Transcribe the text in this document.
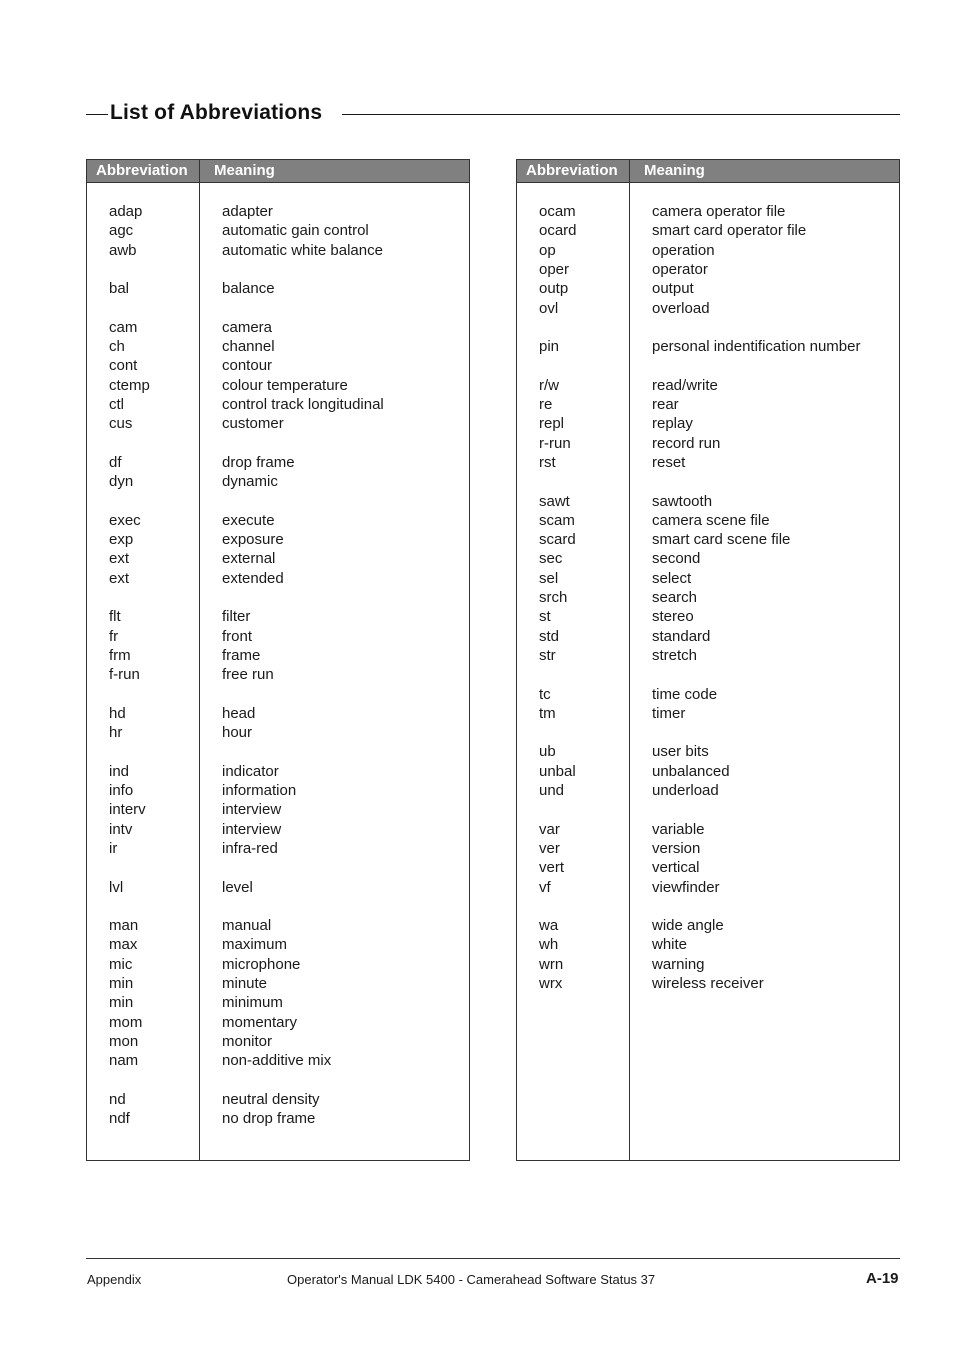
List of Abbreviations
Abbreviation Meaning
adap	adapter
agc	automatic gain control
awb	automatic white balance
bal	balance
cam	camera
ch	channel
cont	contour
ctemp	colour temperature
ctl	control track longitudinal
cus	customer
df	drop frame
dyn	dynamic
exec	execute
exp	exposure
ext	external
ext	extended
flt	filter
fr	front
frm	frame
f-run	free run
hd	head
hr	hour
ind	indicator
info	information
interv	interview
intv	interview
ir	infra-red
lvl	level
man	manual
max	maximum
mic	microphone
min	minute
min	minimum
mom	momentary
mon	monitor
nam	non-additive mix
nd	neutral density
ndf	no drop frame
Abbreviation Meaning
ocam	camera operator file
ocard	smart card operator file
op	operation
oper	operator
outp	output
ovl	overload
pin	personal indentification number
r/w	read/write
re	rear
repl	replay
r-run	record run
rst	reset
sawt	sawtooth
scam	camera scene file
scard	smart card scene file
sec	second
sel	select
srch	search
st	stereo
std	standard
str	stretch
tc	time code
tm	timer
ub	user bits
unbal	unbalanced
und	underload
var	variable
ver	version
vert	vertical
vf	viewfinder
wa	wide angle
wh	white
wrn	warning
wrx	wireless receiver
Appendix	Operator's Manual LDK 5400 - Camerahead Software Status 37	A-19
